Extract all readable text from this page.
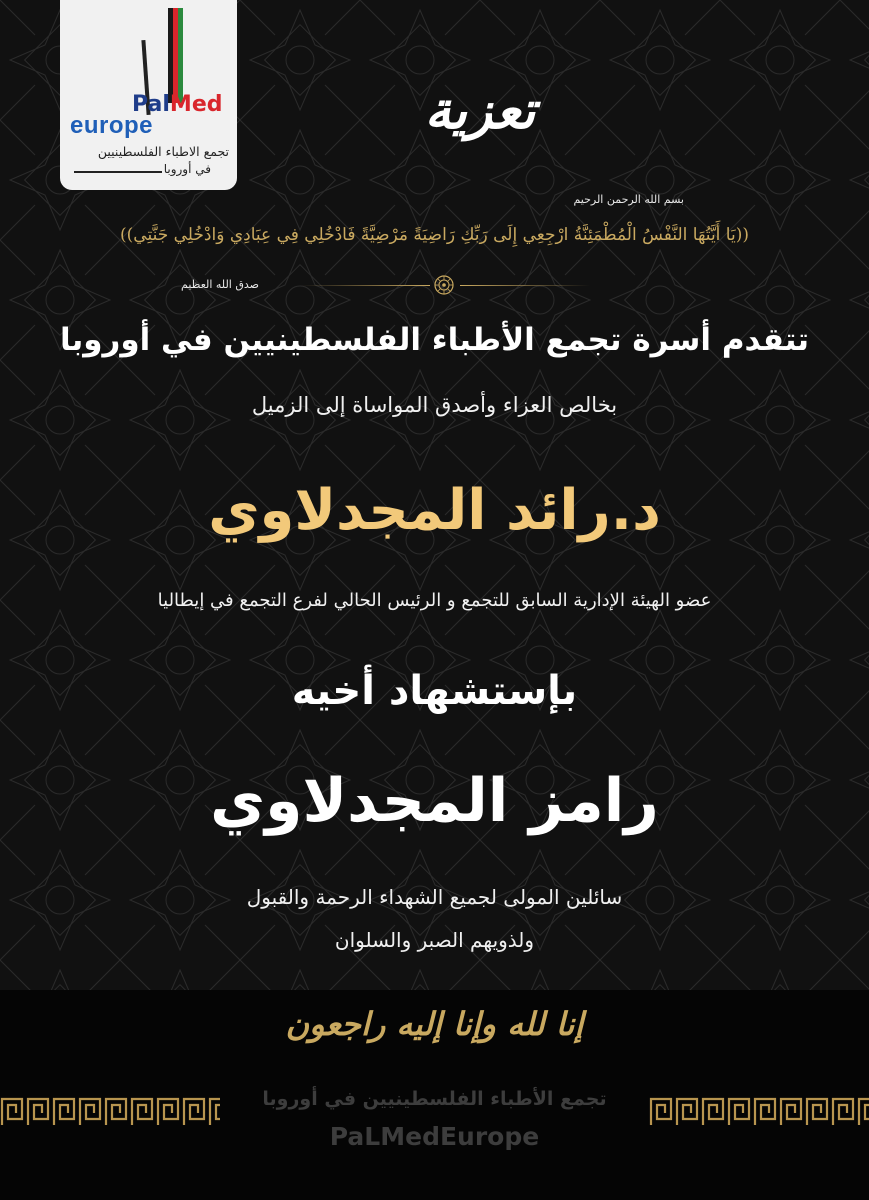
PalMed
europe
تجمع الاطباء الفلسطينيين
في أوروبا
تعزية
بسم الله الرحمن الرحيم
((يَا أَيَّتُهَا النَّفْسُ الْمُطْمَئِنَّةُ ارْجِعِي إِلَى رَبِّكِ رَاضِيَةً مَرْضِيَّةً فَادْخُلِي فِي عِبَادِي وَادْخُلِي جَنَّتِي))
صدق الله العظيم
تتقدم أسرة تجمع الأطباء الفلسطينيين في أوروبا
بخالص العزاء وأصدق المواساة إلى الزميل
د.رائد المجدلاوي
عضو الهيئة الإدارية السابق للتجمع و الرئيس الحالي لفرع التجمع في إيطاليا
بإستشهاد أخيه
رامز المجدلاوي
سائلين المولى لجميع الشهداء الرحمة والقبول
ولذويهم الصبر والسلوان
إنا لله وإنا إليه راجعون
تجمع الأطباء الفلسطينيين في أوروبا
PaLMedEurope
